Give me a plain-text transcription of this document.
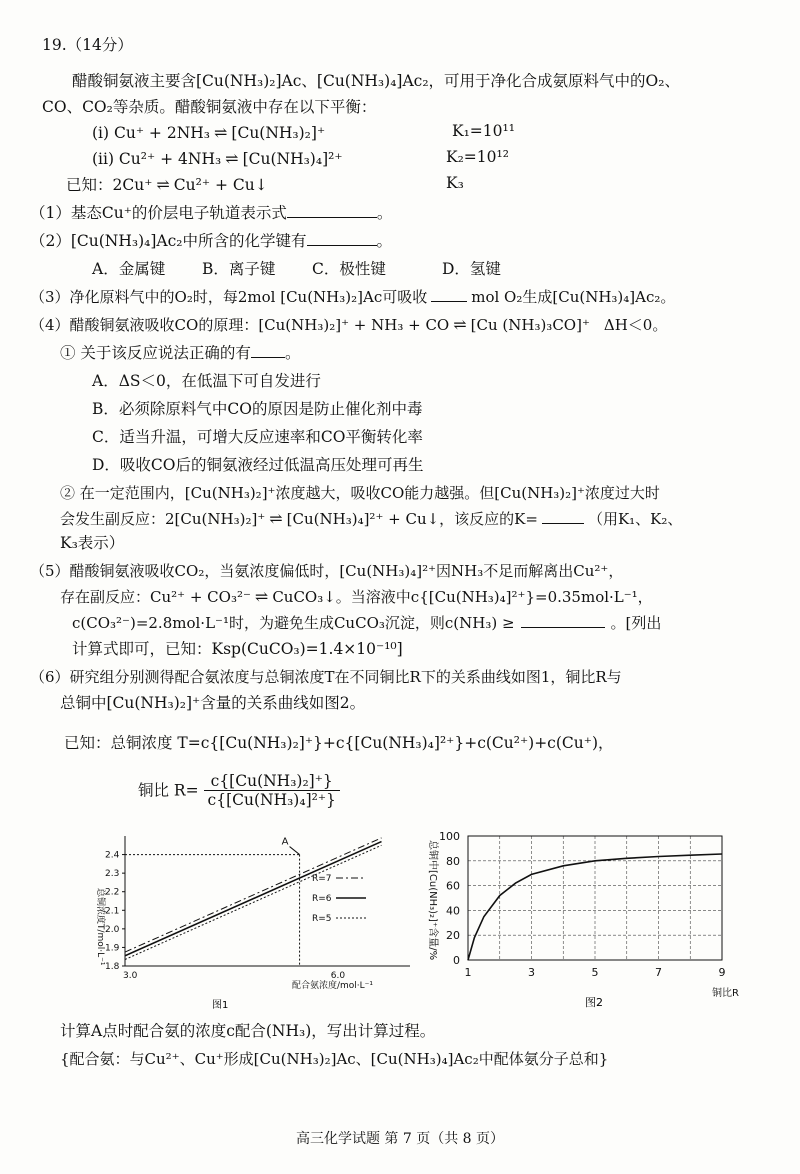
19.（14分）
醋酸铜氨液主要含[Cu(NH₃)₂]Ac、[Cu(NH₃)₄]Ac₂，可用于净化合成氨原料气中的O₂、
CO、CO₂等杂质。醋酸铜氨液中存在以下平衡：
(i) Cu⁺ + 2NH₃ ⇌ [Cu(NH₃)₂]⁺	K₁=10¹¹
(ii) Cu²⁺ + 4NH₃ ⇌ [Cu(NH₃)₄]²⁺	K₂=10¹²
已知：2Cu⁺ ⇌ Cu²⁺ + Cu↓	K₃
（1）基态Cu⁺的价层电子轨道表示式	。
（2）[Cu(NH₃)₄]Ac₂中所含的化学键有	。
A．金属键 B．离子键 C．极性键	D．氢键
（3）净化原料气中的O₂时，每2mol [Cu(NH₃)₂]Ac可吸收	mol O₂生成[Cu(NH₃)₄]Ac₂。
（4）醋酸铜氨液吸收CO的原理：[Cu(NH₃)₂]⁺ + NH₃ + CO ⇌ [Cu (NH₃)₃CO]⁺ ΔH＜0。
① 关于该反应说法正确的有 。
A．ΔS＜0，在低温下可自发进行
B．必须除原料气中CO的原因是防止催化剂中毒
C．适当升温，可增大反应速率和CO平衡转化率
D．吸收CO后的铜氨液经过低温高压处理可再生
② 在一定范围内，[Cu(NH₃)₂]⁺浓度越大，吸收CO能力越强。但[Cu(NH₃)₂]⁺浓度过大时
会发生副反应：2[Cu(NH₃)₂]⁺ ⇌ [Cu(NH₃)₄]²⁺ + Cu↓，该反应的K=	（用K₁、K₂、
K₃表示）
（5）醋酸铜氨液吸收CO₂，当氨浓度偏低时，[Cu(NH₃)₄]²⁺因NH₃不足而解离出Cu²⁺，
存在副反应：Cu²⁺ + CO₃²⁻ ⇌ CuCO₃↓。当溶液中c{[Cu(NH₃)₄]²⁺}=0.35mol·L⁻¹，
c(CO₃²⁻)=2.8mol·L⁻¹时，为避免生成CuCO₃沉淀，则c(NH₃) ≥	。[列出
计算式即可，已知：Ksp(CuCO₃)=1.4×10⁻¹⁰]
（6）研究组分别测得配合氨浓度与总铜浓度T在不同铜比R下的关系曲线如图1，铜比R与
总铜中[Cu(NH₃)₂]⁺含量的关系曲线如图2。
已知：总铜浓度 T=c{[Cu(NH₃)₂]⁺}+c{[Cu(NH₃)₄]²⁺}+c(Cu²⁺)+c(Cu⁺)，
铜比 $R= \frac{\text{c\{[Cu(NH₃)₂]⁺\}}}{\text{c\{[Cu(NH₃)₄]²⁺\}}}$
1.8
1.9
2.0
2.1
2.2
2.3
2.4
3.0	6.0
配合氨浓度/mol·L⁻¹
总铜浓度T/mol·L⁻¹
A
R=7
R=6
R=5
图1
0
20
40
60
80
100
1	3	5	7	9
铜比R
总铜中[Cu(NH₃)₂]⁺含量/%
图2
计算A点时配合氨的浓度c配合(NH₃)，写出计算过程。
{配合氨：与Cu²⁺、Cu⁺形成[Cu(NH₃)₂]Ac、[Cu(NH₃)₄]Ac₂中配体氨分子总和}
高三化学试题 第 7 页（共 8 页）
